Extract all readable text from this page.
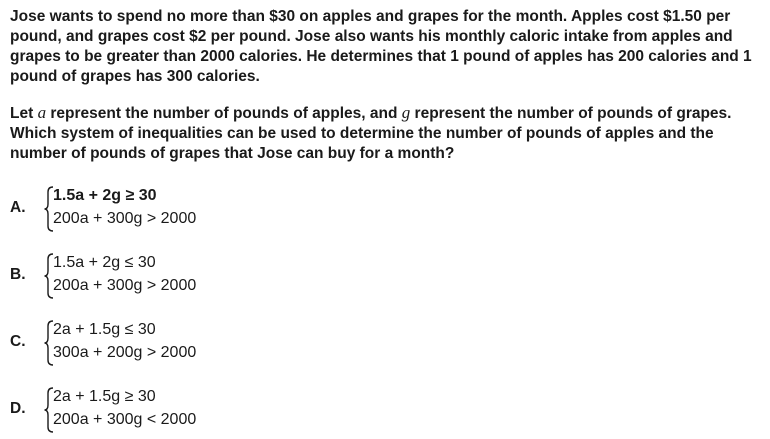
Jose wants to spend no more than $30 on apples and grapes for the month. Apples cost $1.50 per pound, and grapes cost $2 per pound. Jose also wants his monthly caloric intake from apples and grapes to be greater than 2000 calories. He determines that 1 pound of apples has 200 calories and 1 pound of grapes has 300 calories.

Let a represent the number of pounds of apples, and g represent the number of pounds of grapes. Which system of inequalities can be used to determine the number of pounds of apples and the number of pounds of grapes that Jose can buy for a month?

A.
1.5a + 2g ≥ 30
200a + 300g > 2000
B.
1.5a + 2g ≤ 30
200a + 300g > 2000
C.
2a + 1.5g ≤ 30
300a + 200g > 2000
D.
2a + 1.5g ≥ 30
200a + 300g < 2000
